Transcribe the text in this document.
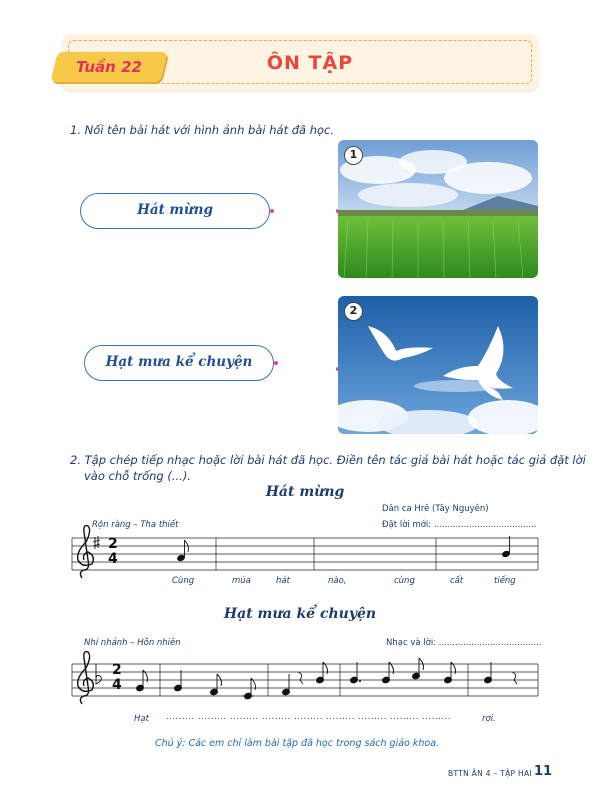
Tuần 22	ÔN TẬP
1. Nối tên bài hát với hình ảnh bài hát đã học.
Hát mừng
Hạt mưa kể chuyện
1
2
2. Tập chép tiếp nhạc hoặc lời bài hát đã học. Điền tên tác giả bài hát hoặc tác giả đặt lời
vào chỗ trống (...).
Hát mừng
Dân ca Hrê (Tây Nguyên)
Rộn ràng – Tha thiết	Đặt lời mới: ......................................
2
4
Cùng	múa	hát	nào,	cùng	cất	tiếng
Hạt mưa kể chuyện
Nhí nhảnh – Hồn nhiên	Nhạc và lời: ......................................
2
4
Hạt ......... ......... ......... ......... ......... ......... ......... ......... .........	rơi.
Chú ý: Các em chỉ làm bài tập đã học trong sách giáo khoa.
BTTN ÂN 4 – TẬP HAI 11
